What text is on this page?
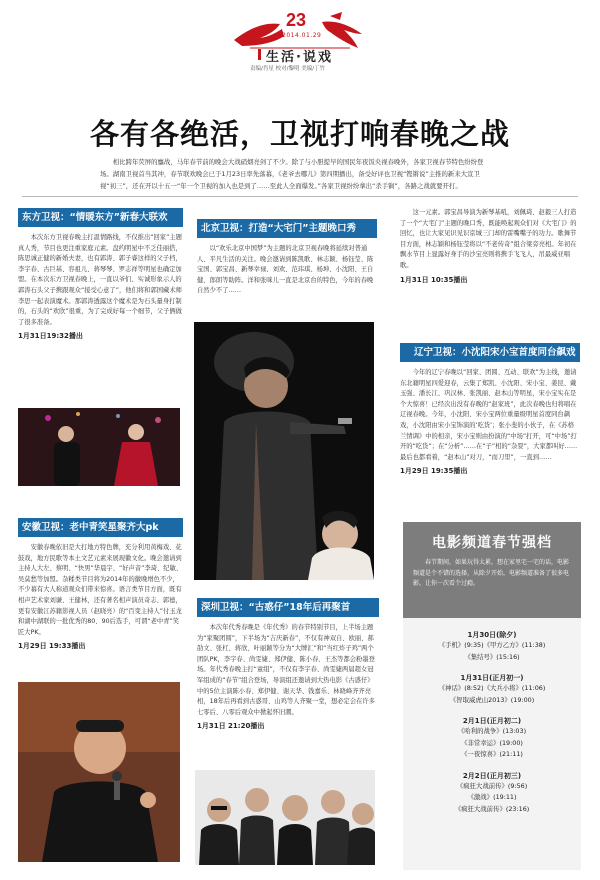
23
2014.01.29
生活·说戏
责编/肖星 校对/黎明 美编/丁竹
各有各绝活，卫视打响春晚之战

相比跨年荧屏的鏖战，马年春节前的晚会大战硝烟亮剑了不少。除了与小胆提早的国民年夜饭央视春晚外，各家卫视春节特色纷纷登场。湖南卫视首当其冲，春节联欢晚会已于1月23日率先落幕，《老爷去哪儿》第四期播出，备受好评也卫视“铿锵说”主推的新来大宣卫视“初三”，还在开以十五一“年一个卫视的加入也是到了……至此人全面爆发。”各家卫视纷纷拿出“杀手锏”，各路之战就要开打。

东方卫视：“情暖东方”新春大联欢

本次东方卫视春晚主打温情路线，不仅推出“回家”主题真人秀，节目也更注重家庭元素。盘约明星中不乏佳丽搭，陈思诚正健的新婚夫妻，也有郭涛、郭子睿这样的父子档，李宇春、古巨基、容祖儿、蒋琴琴、罗志祥等明星也确定加盟。在本次东方卫视春晚上，一直以爷们、实诚形象示人的郭涛石头父子携跟观众“接受心意了”，他们将和郭国藏术师李思一起表演魔术。那郭涛透露这个魔术是为石头量身打制的，石头的“欢欣”很重，为了完成好每一个细节，父子俩做了很多准备。

1月31日19:32播出

安徽卫视：老中青笑星聚齐大pk

安徽春晚依旧是大打地方特色牌，充分利用黄梅戏、花鼓戏，地方民歌等本土文艺元素来展现徽文化。晚会邀请到主持人大左、蔡明、“快男”华晨宇、“好声音”李琦、纪敏、吴莫愁等加盟。杂糅类节目将为2014年的徽晚增色不少，不少幕有大人称道观众们带来惊喜。语言类节目方面，既有相声艺术家刘谦、王健林，还有著名相声演员奇志、郭德，更有安徽江苏籍影视人员（赵晓亮）的“百变主持人”付玉龙和湖中湖联的一批优秀的80、90后选手，可谓“老中青”笑匠大PK。

1月29日 19:33播出

北京卫视：打造“大宅门”主题晚口秀

以“欢乐北京中国梦”为主题的北京卫视春晚将延续对普通人、平凡生活的关注。晚会邀请到陈凯歌、林志颖、杨钰莹、陈宝国、郭宝昌、新琴幸禄、刘欢、范玮琪、杨坤、小沈阳、王自健、郎朗等助阵。洋和张咪儿一直是北京台的特色，今年的春晚自然少不了……

深圳卫视：“古惑仔”18年后再聚首

本次年代秀春晚是《年代秀》的春节特别节目，上半场主题为“家聚团圆”，下半场为“吉庆新春”，不仅有神双自、欧丽、郝劭文、张杠、蒋欣、叶丽颖等分为“大牌汇”和“当红炸子鸡”两个团队PK，李宇春、尚雯婕、郑伊健、陈小春、王杰等都会粉墨登场。年代秀春晚主打“童组”，不仅有李宇春、尚雯婕两届超女冠军组成的“春节”组合登场，导演组还邀请到大热电影《古惑仔》中的5位主演陈小春、郑伊健、谢天华、钱嘉乐、林晓峰齐齐亮相，18年后再看到古惑哥、山鸡等人齐聚一堂，想必定会在许多七零后、八零后观众中掀起怀旧潮。

1月31日 21:20播出

这一元素。郭宝昌导演为新琴基吼，刘佩琦、赵毅三人打造了一个“大宅门”主题的晚口秀，既能唤起观众们对《大宅门》的回忆，也让大家见识见识京城三门却的雷嘴嘴子的功力。歌舞节目方面，林志颖和杨钰莹将以“不老传奇”组合梁旁亮相。年初在飘水节目上显露好身手的沙宝亮则将携手飞飞人，吊最威亚唱歌。

1月31日 10:35播出

辽宁卫视：小沈阳宋小宝首度同台飙戏

今年的辽宁春晚以“回家、团圆、互动、联欢”为主线，邀请东北籍明星四爱迎春，云集了郑凯、小沈阳、宋小宝、姜昆、戴玉强、潘长江、巩汉林、张凯丽、赵本山等明星，宋小宝实在是个大惊喜！已经次出没有春晚的“赵家班”，此次春晚也归将唱在辽视春晚。今年，小沈阳、宋小宝两位重量级明星首度同台飙戏，小沈阳由宋小宝饰演的‘吃货’；张小斐的小伙子，在《苏格兰情调》中的相亲，宋小宝则由扮演的“中场”打开，可“中场”打开的“吃货”；在“分析”……在“子”相的“杂耍”，大家都叫好……最后也都看着，“赵本山”对刀，“而刀里”，一直到……

1月29日 19:35播出

电影频道春节强档

春节期间，如果玩得太累，想在家里宅一宅的话，电影频道是个不错的选择，从除夕开始，电影频道准备了很多电影，让你一次看个过瘾。

1月30日(除夕)
《手机》(9:35)《甲方乙方》(11:38)
《集结号》(15:16)
1月31日(正月初一)
《神话》(8:52)《大兵小将》(11:06)
《智取威虎山2013》(19:00)
2月1日(正月初二)
《哈利的战争》(13:03)
《非常幸运》(19:00)
《一夜惊喜》(21:11)
2月2日(正月初三)
《疯狂大战前传》(9:56)
《激战》(19:11)
《疯狂大战前传》(23:16)
